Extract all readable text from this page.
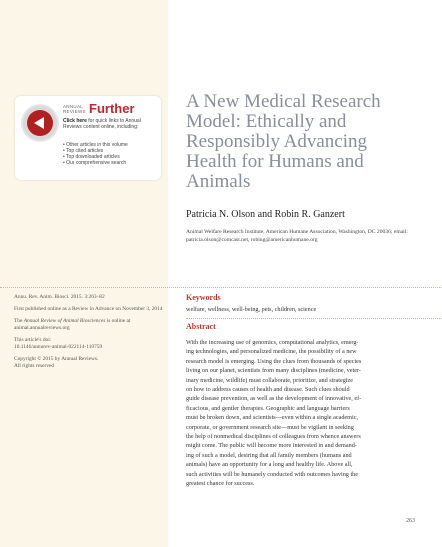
ANNUAL REVIEWS Further
Click here for quick links to Annual Reviews content online, including:
• Other articles in this volume
• Top cited articles
• Top downloaded articles
• Our comprehensive search
A New Medical Research
Model: Ethically and
Responsibly Advancing
Health for Humans and
Animals

Patricia N. Olson and Robin R. Ganzert

Animal Welfare Research Institute, American Humane Association, Washington, DC 20036; email: patricia.olson@comcast.net, robing@americanhumane.org

Annu. Rev. Anim. Biosci. 2015. 3:263–82

First published online as a Review in Advance on November 3, 2014

The Annual Review of Animal Biosciences is online at animal.annualreviews.org

This article's doi:
10.1146/annurev-animal-022114-110759

Copyright © 2015 by Annual Reviews.
All rights reserved

Keywords

welfare, wellness, well-being, pets, children, science

Abstract

With the increasing use of genomics, computational analytics, emerg-
ing technologies, and personalized medicine, the possibility of a new
research model is emerging. Using the clues from thousands of species
living on our planet, scientists from many disciplines (medicine, veter-
inary medicine, wildlife) must collaborate, prioritize, and strategize
on how to address causes of health and disease. Such clues should
guide disease prevention, as well as the development of innovative, ef-
ficacious, and gentler therapies. Geographic and language barriers
must be broken down, and scientists—even within a single academic,
corporate, or government research site—must be vigilant in seeking
the help of nonmedical disciplines of colleagues from whence answers
might come. The public will become more interested in and demand-
ing of such a model, desiring that all family members (humans and
animals) have an opportunity for a long and healthy life. Above all,
such activities will be humanely conducted with outcomes having the
greatest chance for success.

263
